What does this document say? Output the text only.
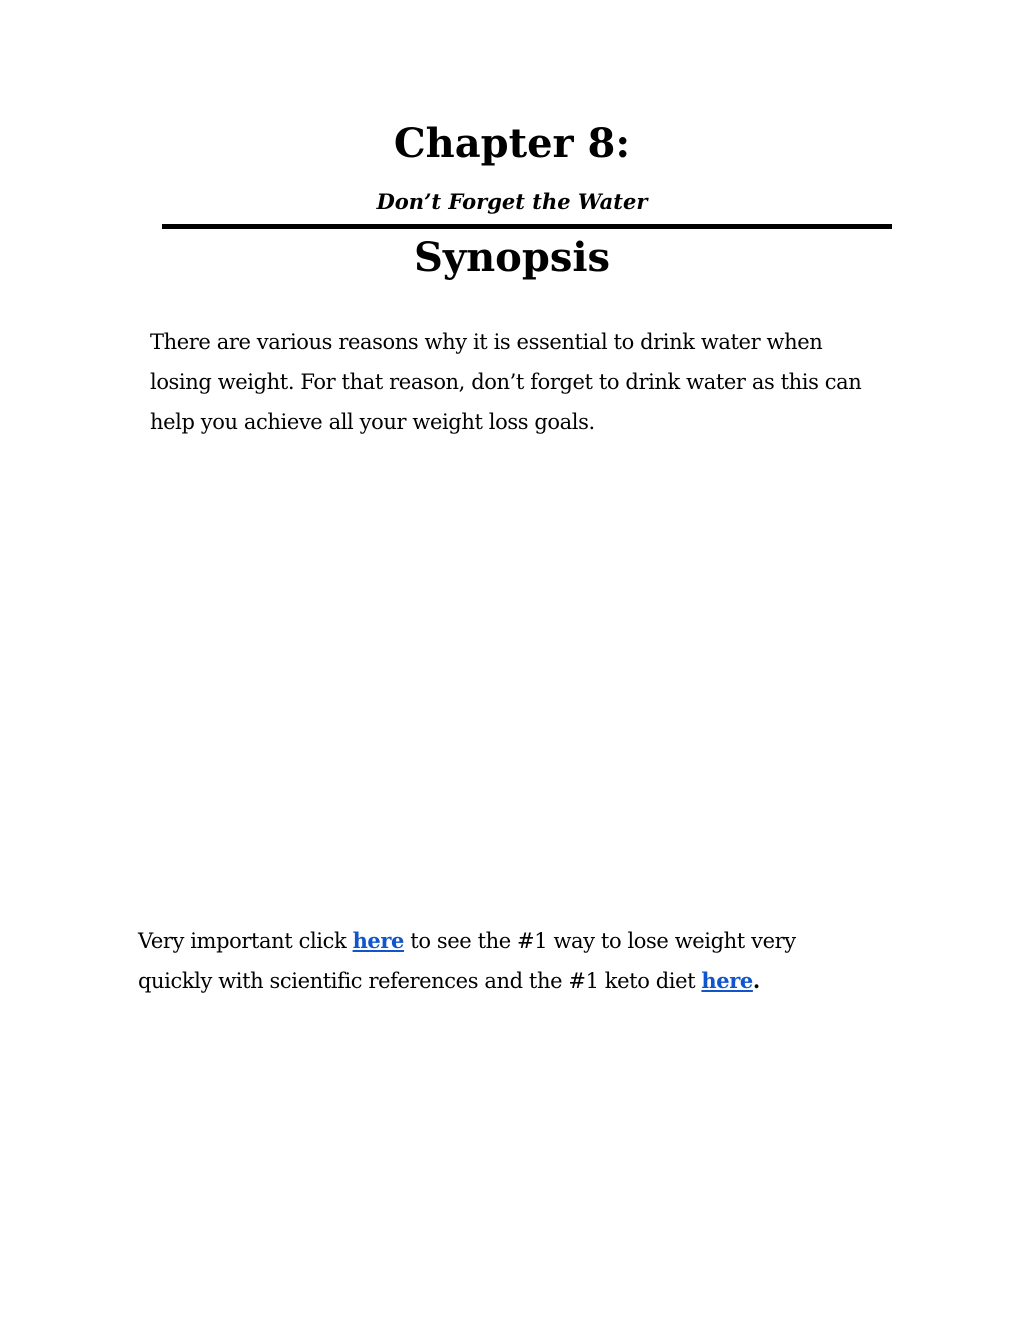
Chapter 8:
Don’t Forget the Water
Synopsis

There are various reasons why it is essential to drink water when
losing weight. For that reason, don’t forget to drink water as this can
help you achieve all your weight loss goals.

Very important click here to see the #1 way to lose weight very
quickly with scientific references and the #1 keto diet here.
